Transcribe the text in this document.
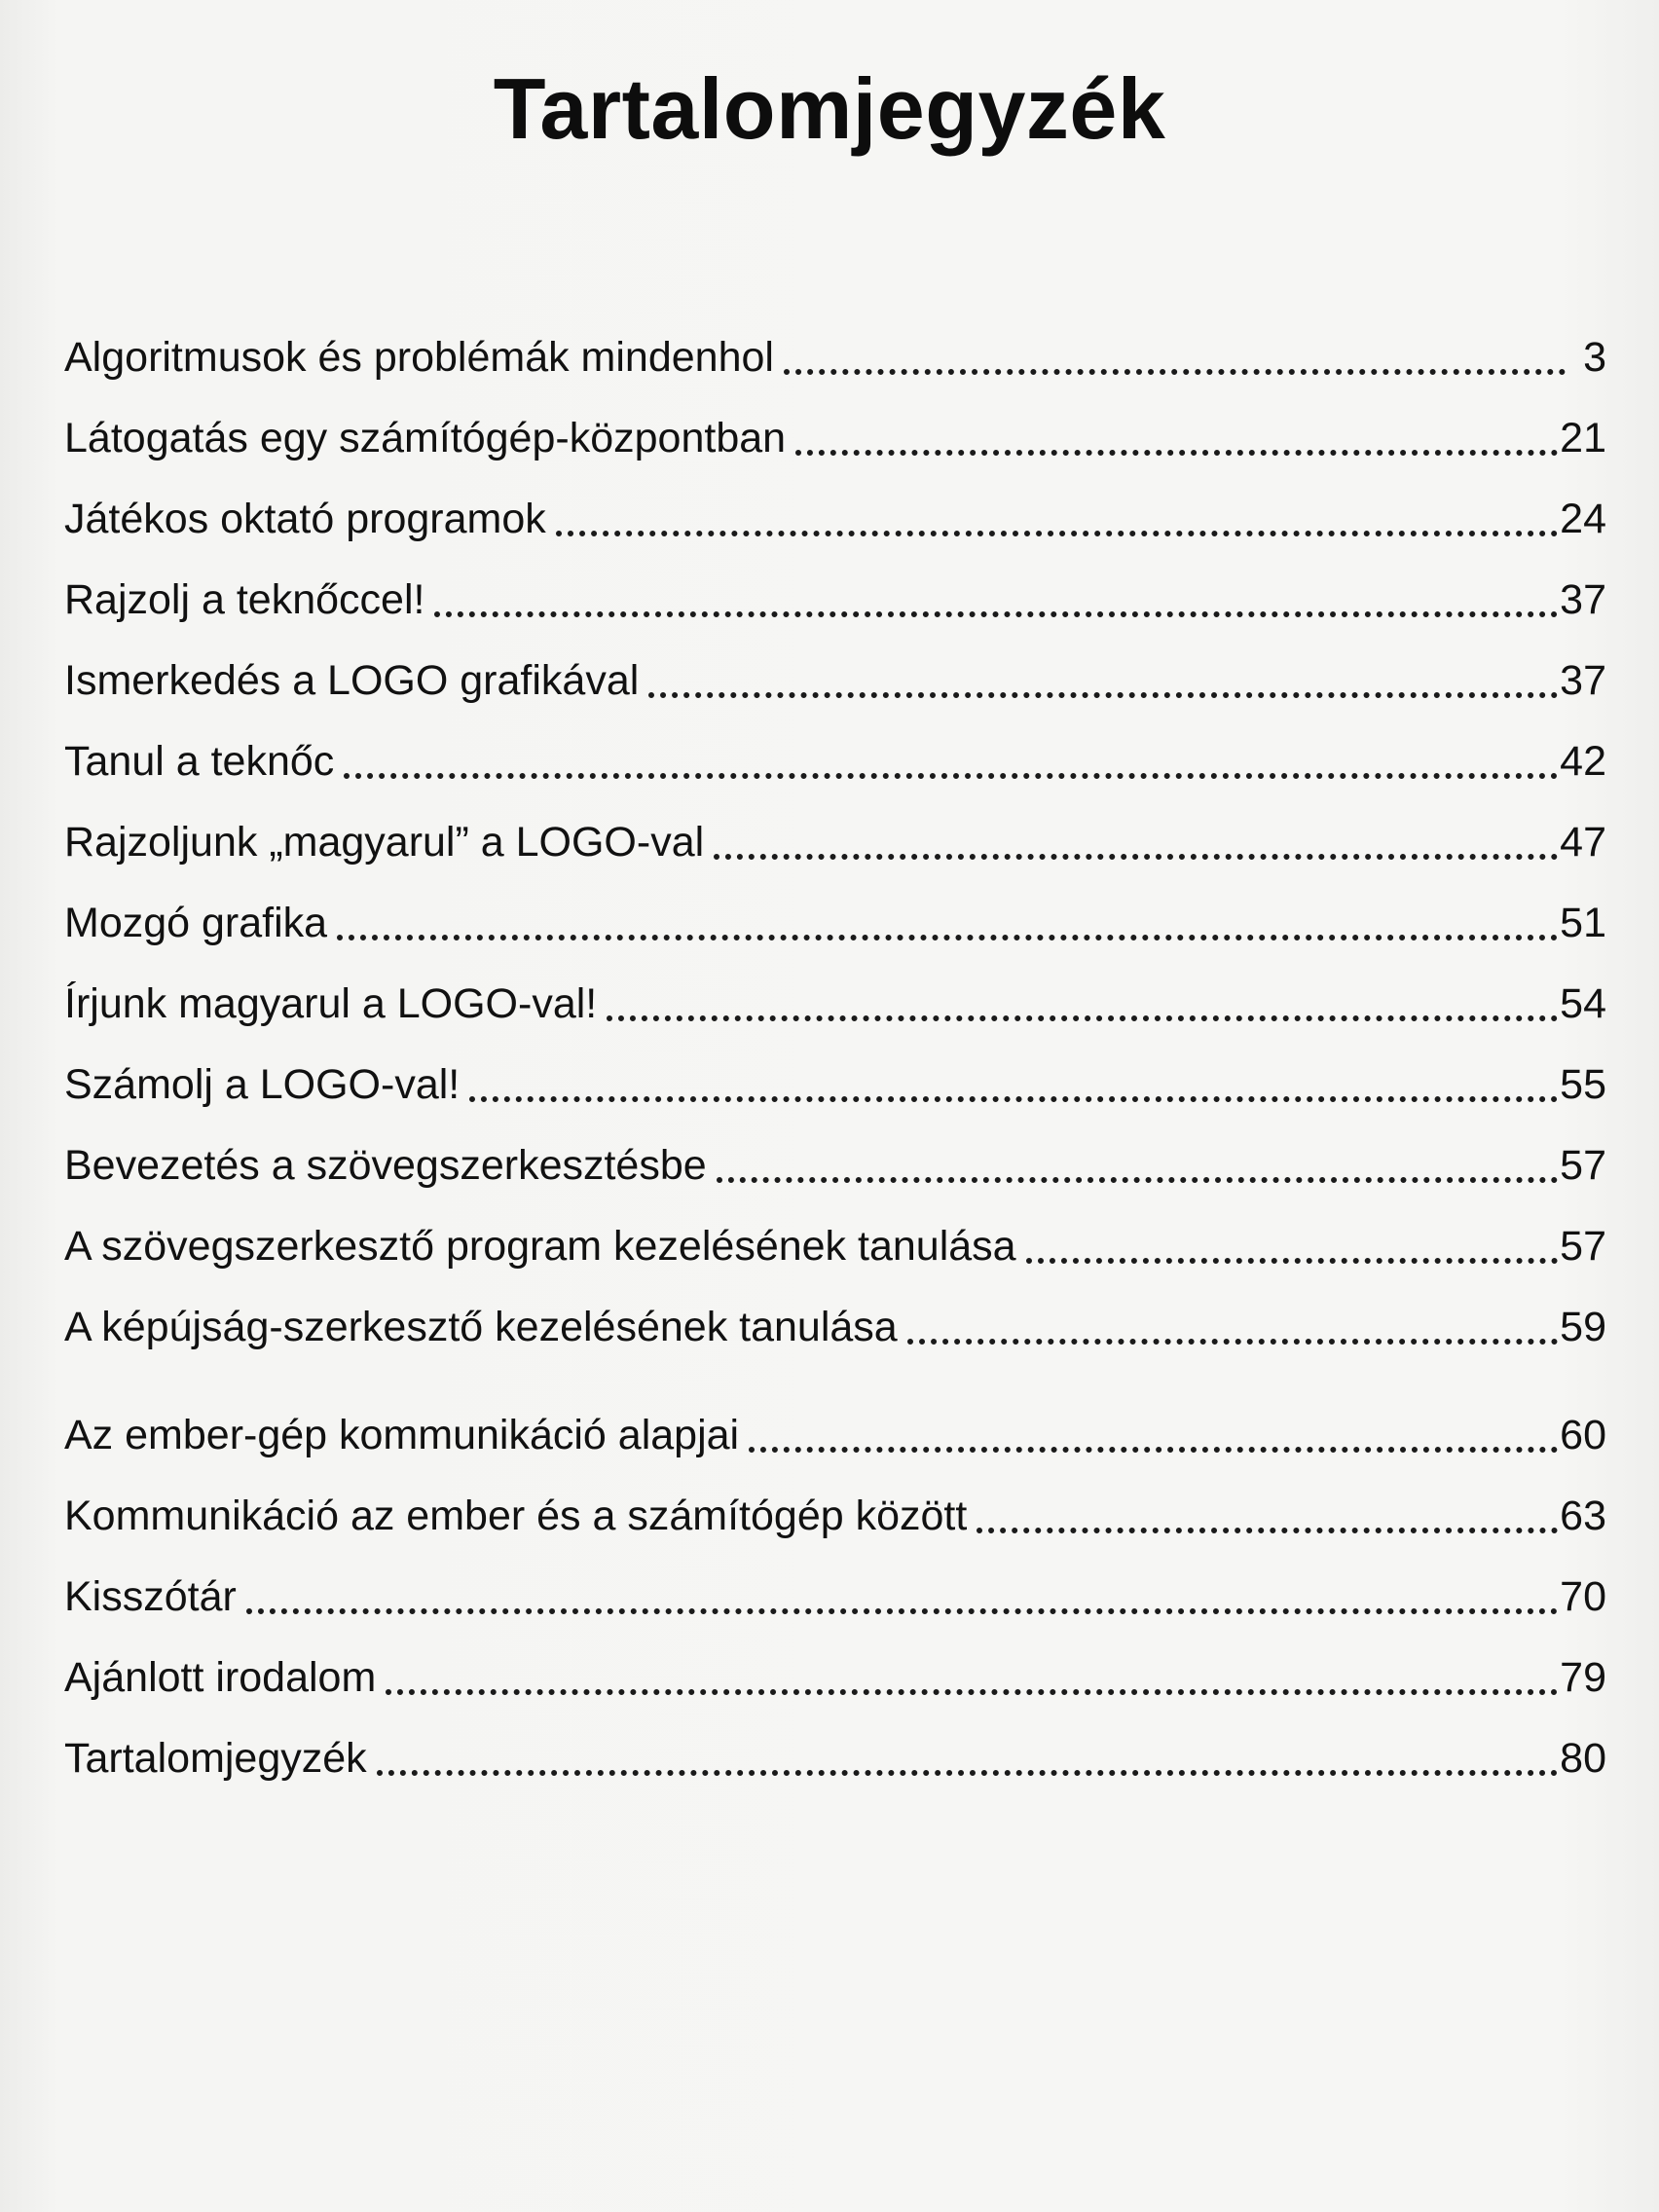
Tartalomjegyzék
Algoritmusok és problémák mindenhol	3
Látogatás egy számítógép-központban	21
Játékos oktató programok	24
Rajzolj a teknőccel!	37
Ismerkedés a LOGO grafikával	37
Tanul a teknőc	42
Rajzoljunk „magyarul” a LOGO-val	47
Mozgó grafika	51
Írjunk magyarul a LOGO-val!	54
Számolj a LOGO-val!	55
Bevezetés a szövegszerkesztésbe	57
A szövegszerkesztő program kezelésének tanulása	57
A képújság-szerkesztő kezelésének tanulása	59
Az ember-gép kommunikáció alapjai	60
Kommunikáció az ember és a számítógép között	63
Kisszótár	70
Ajánlott irodalom	79
Tartalomjegyzék	80
